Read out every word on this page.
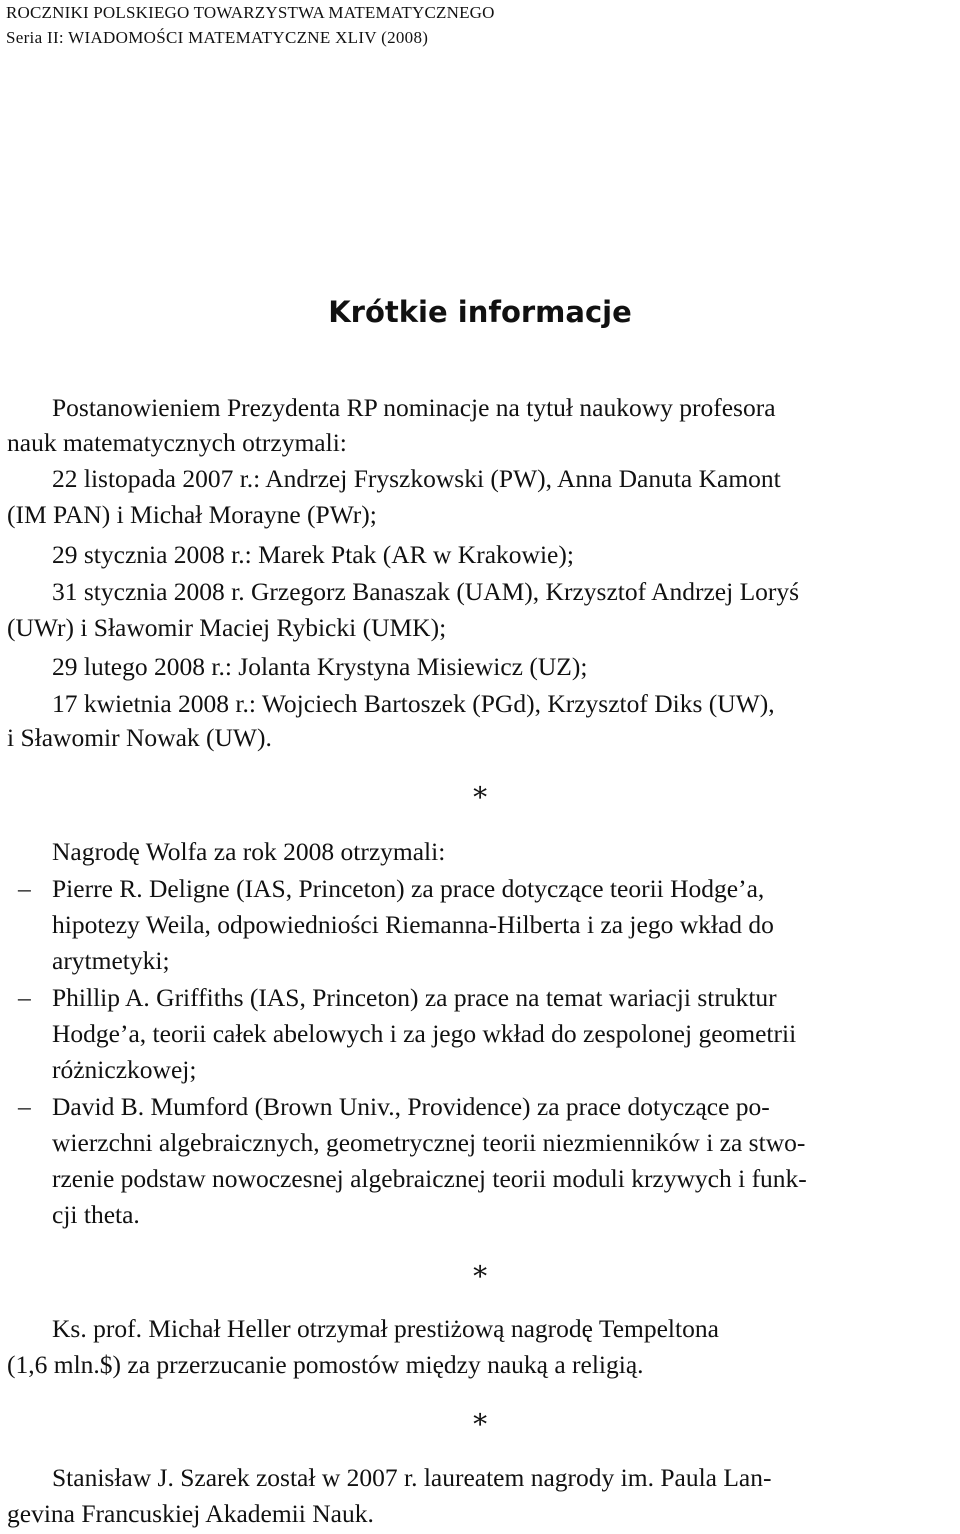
ROCZNIKI POLSKIEGO TOWARZYSTWA MATEMATYCZNEGO
Seria II: WIADOMOŚCI MATEMATYCZNE XLIV (2008)
Krótkie informacje

Postanowieniem Prezydenta RP nominacje na tytuł naukowy profesora

nauk matematycznych otrzymali:

22 listopada 2007 r.: Andrzej Fryszkowski (PW), Anna Danuta Kamont

(IM PAN) i Michał Morayne (PWr);

29 stycznia 2008 r.: Marek Ptak (AR w Krakowie);

31 stycznia 2008 r. Grzegorz Banaszak (UAM), Krzysztof Andrzej Loryś

(UWr) i Sławomir Maciej Rybicki (UMK);

29 lutego 2008 r.: Jolanta Krystyna Misiewicz (UZ);

17 kwietnia 2008 r.: Wojciech Bartoszek (PGd), Krzysztof Diks (UW),

i Sławomir Nowak (UW).

∗

Nagrodę Wolfa za rok 2008 otrzymali:

– Pierre R. Deligne (IAS, Princeton) za prace dotyczące teorii Hodge’a,

hipotezy Weila, odpowiedniości Riemanna-Hilberta i za jego wkład do

arytmetyki;

– Phillip A. Griffiths (IAS, Princeton) za prace na temat wariacji struktur

Hodge’a, teorii całek abelowych i za jego wkład do zespolonej geometrii

różniczkowej;

– David B. Mumford (Brown Univ., Providence) za prace dotyczące po-

wierzchni algebraicznych, geometrycznej teorii niezmienników i za stwo-

rzenie podstaw nowoczesnej algebraicznej teorii moduli krzywych i funk-

cji theta.

∗

Ks. prof. Michał Heller otrzymał prestiżową nagrodę Tempeltona

(1,6 mln.$) za przerzucanie pomostów między nauką a religią.

∗

Stanisław J. Szarek został w 2007 r. laureatem nagrody im. Paula Lan-

gevina Francuskiej Akademii Nauk.
